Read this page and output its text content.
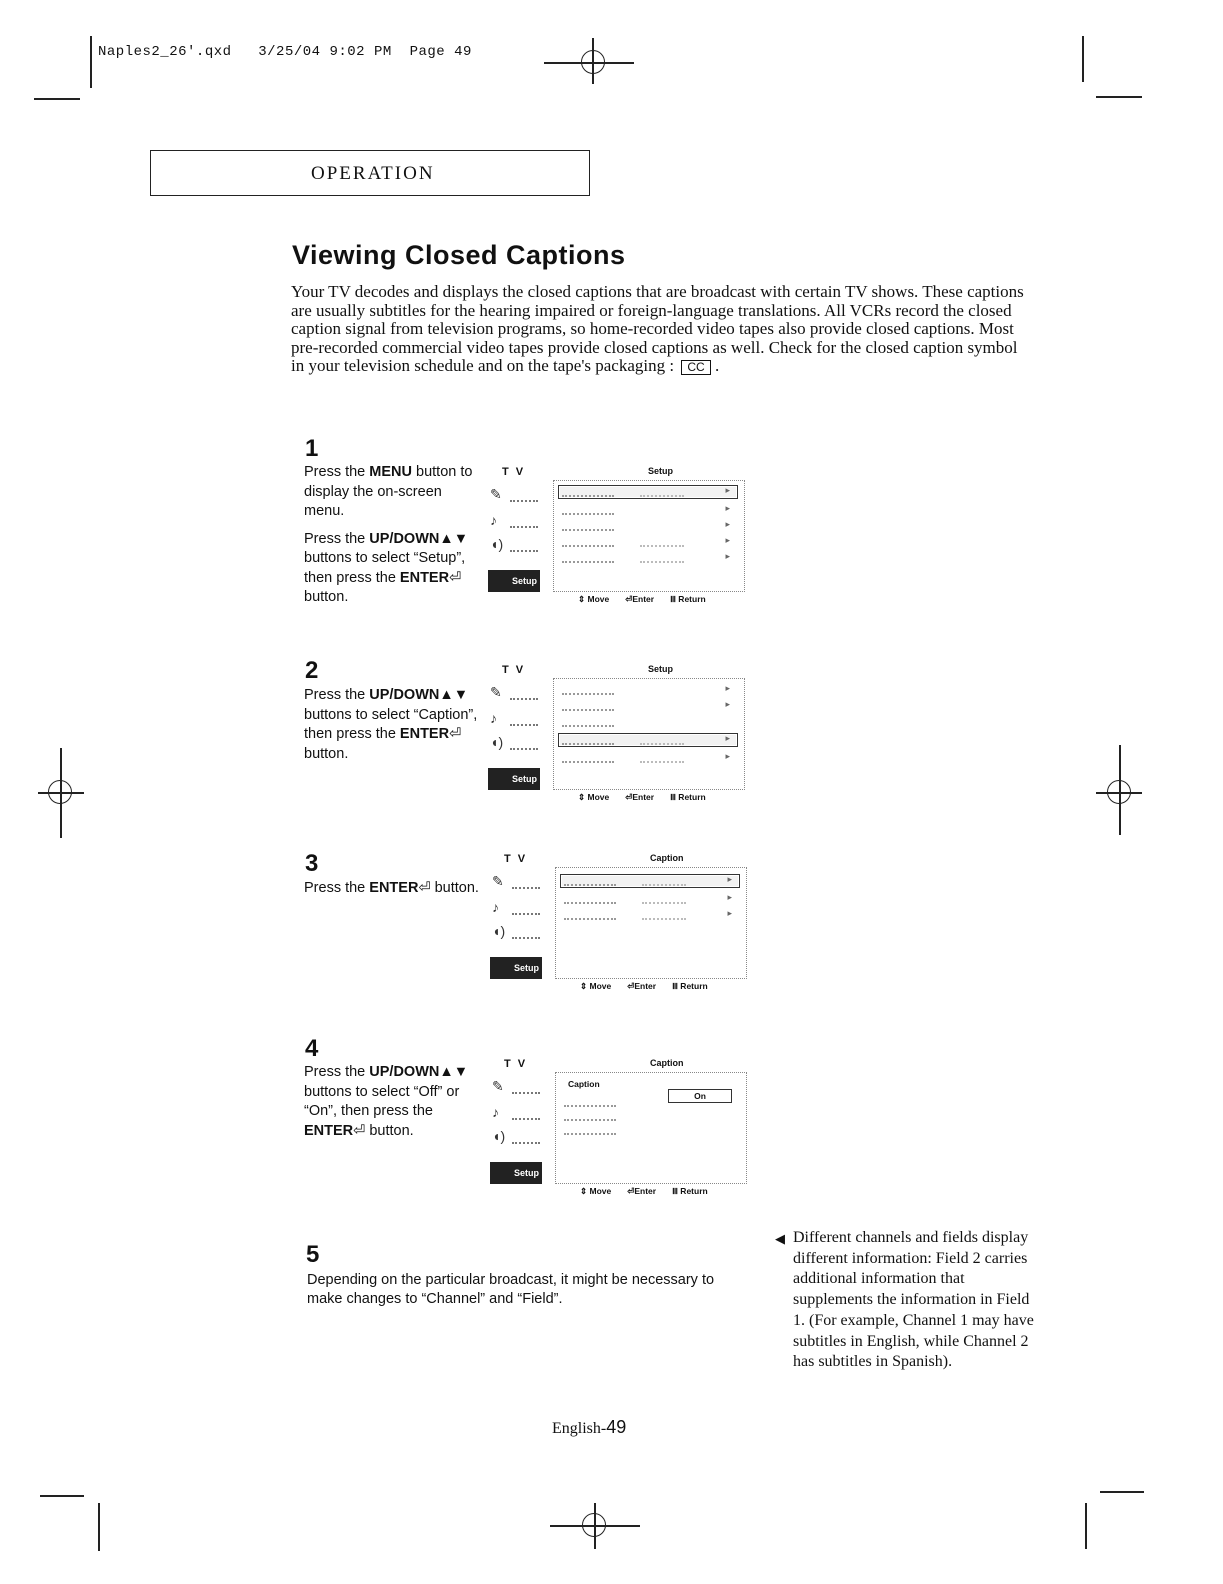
Naples2_26'.qxd 3/25/04 9:02 PM Page 49
OPERATION
Viewing Closed Captions
Your TV decodes and displays the closed captions that are broadcast with certain TV shows. These captions are usually subtitles for the hearing impaired or foreign-language translations. All VCRs record the closed caption signal from television programs, so home-recorded video tapes also provide closed captions. Most pre-recorded commercial video tapes provide closed captions as well. Check for the closed caption symbol in your television schedule and on the tape's packaging : CC .
1

Press the MENU button to display the on-screen menu.

Press the UP/DOWN▲▼ buttons to select “Setup”, then press the ENTER⏎ button.

T V	Setup
✎
♪
◖)
Setup
▸
▸
▸
▸
▸
⇕ Move ⏎Enter Ⅲ Return
2

Press the UP/DOWN▲▼ buttons to select “Caption”, then press the ENTER⏎ button.

T V	Setup
✎
♪
◖)
Setup
▸
▸
▸
▸
⇕ Move ⏎Enter Ⅲ Return
3

Press the ENTER⏎ button.

T V	Caption
✎
♪
◖)
Setup
▸
▸
▸
⇕ Move ⏎Enter Ⅲ Return
4

Press the UP/DOWN▲▼ buttons to select “Off” or “On”, then press the ENTER⏎ button.

T V	Caption
✎
♪
◖)
Setup
Caption
On
⇕ Move ⏎Enter Ⅲ Return
5
Depending on the particular broadcast, it might be necessary to make changes to “Channel” and “Field”.
◀ Different channels and fields display different information: Field 2 carries additional information that supplements the information in Field 1. (For example, Channel 1 may have subtitles in English, while Channel 2 has subtitles in Spanish).
English-49
